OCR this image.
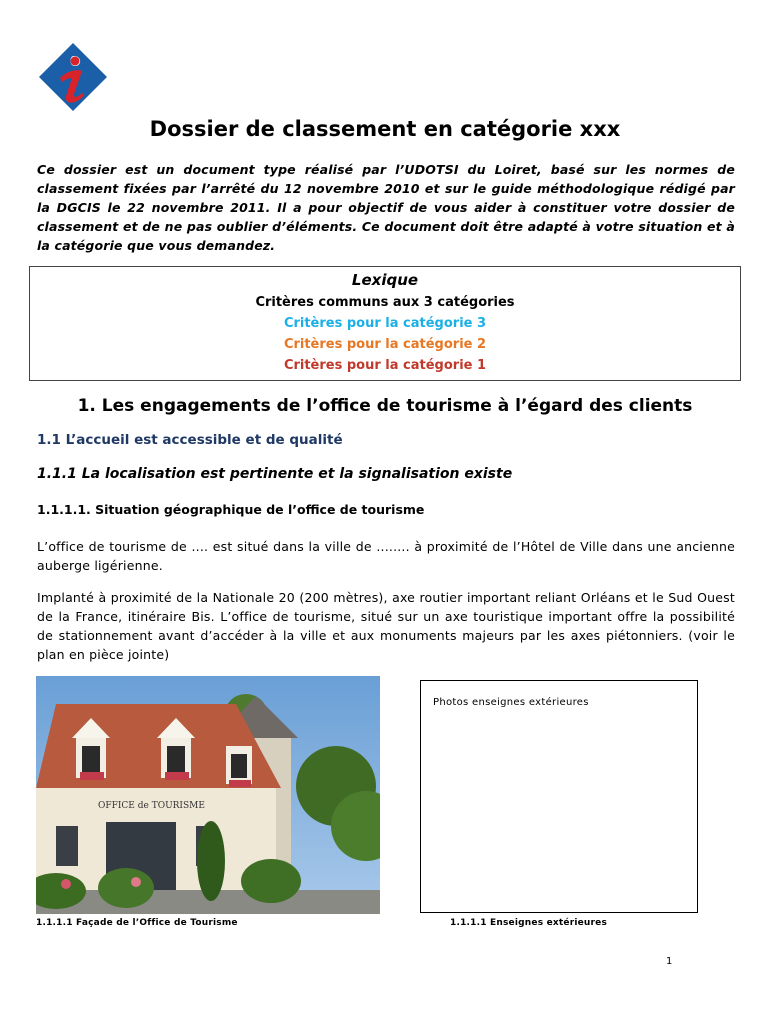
Dossier de classement en catégorie xxx
Ce dossier est un document type réalisé par l’UDOTSI du Loiret, basé sur les normes de classement fixées par l’arrêté du 12 novembre 2010 et sur le guide méthodologique rédigé par la DGCIS le 22 novembre 2011. Il a pour objectif de vous aider à constituer votre dossier de classement et de ne pas oublier d’éléments. Ce document doit être adapté à votre situation et à la catégorie que vous demandez.
Lexique
Critères communs aux 3 catégories
Critères pour la catégorie 3
Critères pour la catégorie 2
Critères pour la catégorie 1
1. Les engagements de l’office de tourisme à l’égard des clients
1.1 L’accueil est accessible et de qualité
1.1.1 La localisation est pertinente et la signalisation existe
1.1.1.1. Situation géographique de l’office de tourisme
L’office de tourisme de .... est situé dans la ville de ........ à proximité de l’Hôtel de Ville dans une ancienne auberge ligérienne.
Implanté à proximité de la Nationale 20 (200 mètres), axe routier important reliant Orléans et le Sud Ouest de la France, itinéraire Bis. L’office de tourisme, situé sur un axe touristique important offre la possibilité de stationnement avant d’accéder à la ville et aux monuments majeurs par les axes piétonniers. (voir le plan en pièce jointe)
OFFICE de TOURISME
Photos enseignes extérieures
1.1.1.1 Façade de l’Office de Tourisme	1.1.1.1 Enseignes extérieures
1
